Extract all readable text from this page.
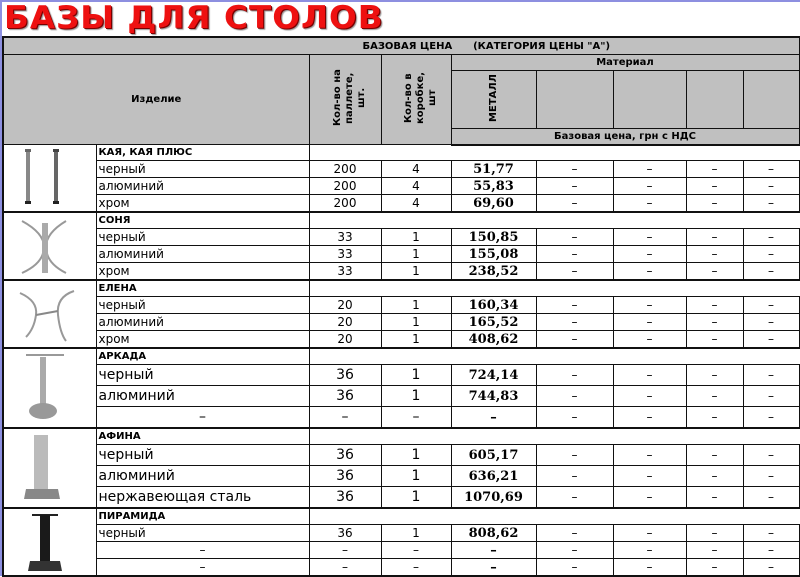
БАЗЫ ДЛЯ СТОЛОВ
БАЗОВАЯ ЦЕНА      (КАТЕГОРИЯ ЦЕНЫ "А")								
Изделие		Кол-во на паллете, шт.	Кол-во в коробке, шт	Материал				
				МЕТАЛЛ				
				Базовая цена, грн с НДС				

	КАЯ, КАЯ ПЛЮС							
	черный	200	4	51,77	–	–	–	–
	алюминий	200	4	55,83	–	–	–	–
	хром	200	4	69,60	–	–	–	–

	СОНЯ							
	черный	33	1	150,85	–	–	–	–
	алюминий	33	1	155,08	–	–	–	–
	хром	33	1	238,52	–	–	–	–

	ЕЛЕНА							
	черный	20	1	160,34	–	–	–	–
	алюминий	20	1	165,52	–	–	–	–
	хром	20	1	408,62	–	–	–	–

	АРКАДА							
	черный	36	1	724,14	–	–	–	–
	алюминий	36	1	744,83	–	–	–	–
	–	–	–	–	–	–	–	–

	АФИНА							
	черный	36	1	605,17	–	–	–	–
	алюминий	36	1	636,21	–	–	–	–
	нержавеющая сталь	36	1	1070,69	–	–	–	–

	ПИРАМИДА							
	черный	36	1	808,62	–	–	–	–
	–	–	–	–	–	–	–	–
	–	–	–	–	–	–	–	–
